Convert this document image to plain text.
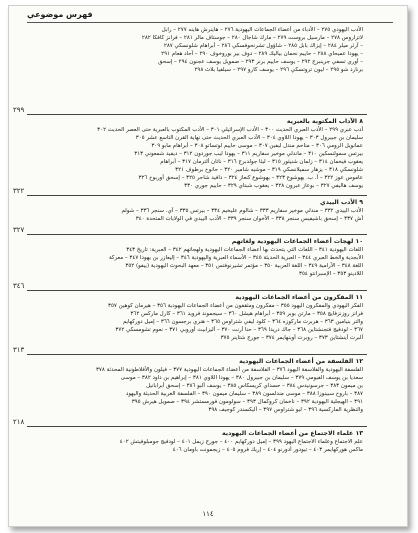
فهرس موضوعي
الأدب اليهودي ٢٧٥ – الأدباء من أعضاء الجماعات اليهودية ٢٧٦ – هاينرش هاينه ٢٧٧ – رابل
لاتزاروس ٢٧٨ – مارسيل بروست ٢٧٩ – مارك شاجال ٢٨٠ – جوستاف مالر ٢٨١ – فرانز كافكا ٢٨٢
– آرثر ميلر ٢٨٤ – إيزاك بابل ٢٨٥ – شاؤول تشرنحوفسكي ٢٨٦ – أبراهام شلونسكي ٢٨٧
– يهودا عميحاي ٢٨٨ – حاييم نحمان بياليك ٢٨٩ – دوف بير بوروخوف ٢٩٠ – آحاد هعام ٢٩١
– أوري تسفي جرينبرج ٢٩٢ – يوسف حاييم برنر ٢٩٣ – صمويل يوسف عجنون ٢٩٤ – إسحق
برنارد شو ٢٩٥ – ليون تروتسكي ٢٩٦ – يوسف كارو ٢٩٧ – سيلفيا بلاث ٢٩٨
٢٩٩
٨ الآداب المكتوبة بالعبرية
أدب عبري ٢٩٩ – الأدب العبري الحديث ٣٠٠ – الأدب الإسرائيلي ٣٠١ – الأدب المكتوب بالعبرية حتى العصر الحديث ٣٠٢
سليمان بن جبيرول ٣٠٣ – يهودا اللاوي ٣٠٤ – الأدب العبري الحديث حتى نهاية القرن التاسع عشر ٣٠٥
عمانويل الرومي ٣٠٦ – مناحم مندل ليفين ٣٠٧ – موسى حاييم لوتساتو ٣٠٨ – أبراهام مابو ٣٠٩
بيرتس سمولنسكين ٣١٠ – ماندلي موخير سفاريم ٣١١ – يهودا ليب جوردون ٣١٢ – ديفيد شمعوني ٣١٣
يعقوب فيخمان ٣١٤ – زلمان شنيئور ٣١٥ – ليئا جولدبرج ٣١٦ – ناتان ألترمان ٣١٧ – أبراهام
شلونسكي ٣١٨ – يزهار سميلانسكي ٣١٩ – موشيه شامير ٣٢٠ – حانوخ برطوف ٣٢١
عاموس عوز ٣٢٢ – أ. ب. يهوشوع ٣٢٣ – يهوشوع كنعاز ٣٢٤ – دافيد شاحر ٣٢٥ – إسحق أوربوخ ٣٢٦
يوسف هاليفي ٣٢٧ – بوعاز عبرون ٣٢٨ – يعقوب شبتاي ٣٢٩ – حاييم جوري ٣٣٠
٣٢٢
٩ الأدب الييدي
الأدب الييدي ٣٣٢ – مندلي موخير سفاريم ٣٣٣ – شالوم عليخيم ٣٣٤ – بيرتس ٣٣٥ – آي. سنجر ٣٣٦ – شولم
آش ٣٣٧ – إسحق باشيفيس سنجر ٣٣٨ – الأخوان سنجر ٣٣٩ – الأدب الييدي في الولايات المتحدة ٣٤٠
٣٢٧
١٠ لهجات أعضاء الجماعات اليهودية ولغاتهم
اللغات اليهودية ٣٤١ – اللغات التي يتحدث بها أعضاء الجماعات اليهودية ولهجاتهم ٣٤٢ – العبرية: تاريخ ٣٤٣
الأبجدية والخط العبري ٣٤٤ – العبرية الحديثة ٣٤٥ – الأسماء العبرية واليهودية ٣٤٦ – إليعازر بن يهودا ٣٤٧ – معركة
اللغة ٣٤٨ – الآرامية ٣٤٩ – اللغة العربية ٣٥٠ – مؤتمر تشيرنوفتس ٣٥١ – معهد البحوث اليهودية (ييفو) ٣٥٢
اللادينو ٣٥٣ – الإسبرانتو ٣٥٤
٣٤٦
١١ المفكرون من أعضاء الجماعات اليهودية
الفكر اليهودي والمفكرون اليهود ٣٥٥ – مفكرون ومثقفون من أعضاء الجماعات اليهودية ٣٥٦ – هيرمان كوهين ٣٥٧
فرانز روزنزفايج ٣٥٨ – مارتن بوبر ٣٥٩ – أبراهام هيشل ٣٦٠ – سيجموند فرويد ٣٦١ – كارل ماركس ٣٦٢
والتر بنيامين ٣٦٣ – هربرت ماركوزه ٣٦٤ – كلود ليفي شتراوس ٣٦٥ – هنري برجسون ٣٦٦ – إميل دوركهايم
٣٦٧ – لودفيج فتجنشتاين ٣٦٨ – جاك دريدا ٣٦٩ – حنا أرنت ٣٧٠ – أليزابيث أوروبي ٣٧١ – نعوم تشومسكي ٣٧٢
ألبرت أينشتاين ٣٧٣ – روبرت أوبنهايمر ٣٧٤ – جورج شتاينر ٣٧٥
٣١٣
١٢ الفلسفة من أعضاء الجماعات اليهودية
الفلسفة اليهودية والفلاسفة اليهود ٣٧٦ – الفلاسفة من أعضاء الجماعات اليهودية ٣٧٧ – فيلون والأفلاطونية المحدثة ٣٧٨
سعديا بن يوسف الفيومي ٣٧٩ – سليمان بن جبيرول ٣٨٠ – يهودا اللاوي ٣٨١ – إبراهيم بن داود ٣٨٢ – موسى
بن ميمون ٣٨٣ – جرسونيدس ٣٨٤ – حسداي كريسكاس ٣٨٥ – يوسف ألبو ٣٨٦ – إسحق أبرابانيل
٣٨٧ – باروخ سبينوزا ٣٨٨ – موسى مندلسون ٣٨٩ – سليمان ميمون ٣٩٠ – الفلسفة الغربية الحديثة واليهود
٣٩١ – الهيجلية اليهودية ٣٩٢ – ناخمان كروكمال ٣٩٣ – سولومون فورمستشر ٣٩٤ – صمويل هيرش ٣٩٥
والنظرية الماركسية ٣٩٦ – ليو شتراوس ٣٩٧ – أليكسندر كوجيف ٣٩٨
٢١٨
١٣ علماء الاجتماع من أعضاء الجماعات اليهودية
علم الاجتماع وعلماء الاجتماع اليهود ٣٩٩ – إميل دوركهايم ٤٠٠ – جورج زيمل ٤٠١ – لودفيج جومبلوفيتش ٤٠٢
ماكس هوركهايمر ٤٠٣ – تيودور أدورنو ٤٠٤ – إريك فروم ٤٠٥ – زيجمونت باومان ٤٠٦
١١٤
